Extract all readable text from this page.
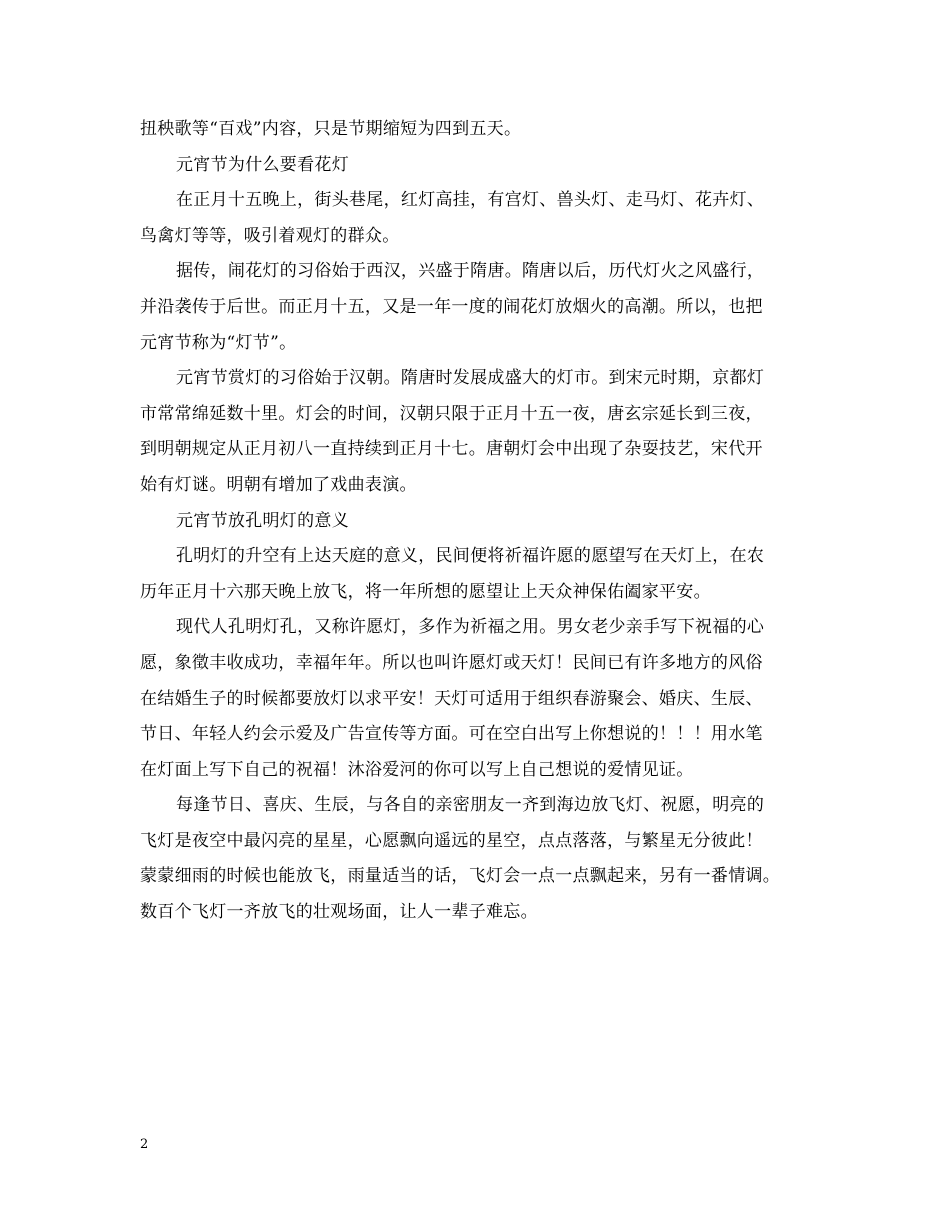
扭秧歌等“百戏”内容，只是节期缩短为四到五天。
元宵节为什么要看花灯
在正月十五晚上，街头巷尾，红灯高挂，有宫灯、兽头灯、走马灯、花卉灯、
鸟禽灯等等，吸引着观灯的群众。
据传，闹花灯的习俗始于西汉，兴盛于隋唐。隋唐以后，历代灯火之风盛行，
并沿袭传于后世。而正月十五，又是一年一度的闹花灯放烟火的高潮。所以，也把
元宵节称为“灯节”。
元宵节赏灯的习俗始于汉朝。隋唐时发展成盛大的灯市。到宋元时期，京都灯
市常常绵延数十里。灯会的时间，汉朝只限于正月十五一夜，唐玄宗延长到三夜，
到明朝规定从正月初八一直持续到正月十七。唐朝灯会中出现了杂耍技艺，宋代开
始有灯谜。明朝有增加了戏曲表演。
元宵节放孔明灯的意义
孔明灯的升空有上达天庭的意义，民间便将祈福许愿的愿望写在天灯上，在农
历年正月十六那天晚上放飞，将一年所想的愿望让上天众神保佑阖家平安。
现代人孔明灯孔，又称许愿灯，多作为祈福之用。男女老少亲手写下祝福的心
愿，象徵丰收成功，幸福年年。所以也叫许愿灯或天灯！民间已有许多地方的风俗
在结婚生子的时候都要放灯以求平安！天灯可适用于组织春游聚会、婚庆、生辰、
节日、年轻人约会示爱及广告宣传等方面。可在空白出写上你想说的！！！用水笔
在灯面上写下自己的祝福！沐浴爱河的你可以写上自己想说的爱情见证。
每逢节日、喜庆、生辰，与各自的亲密朋友一齐到海边放飞灯、祝愿，明亮的
飞灯是夜空中最闪亮的星星，心愿飘向遥远的星空，点点落落，与繁星无分彼此！
蒙蒙细雨的时候也能放飞，雨量适当的话，飞灯会一点一点飘起来，另有一番情调。
数百个飞灯一齐放飞的壮观场面，让人一辈子难忘。
2
